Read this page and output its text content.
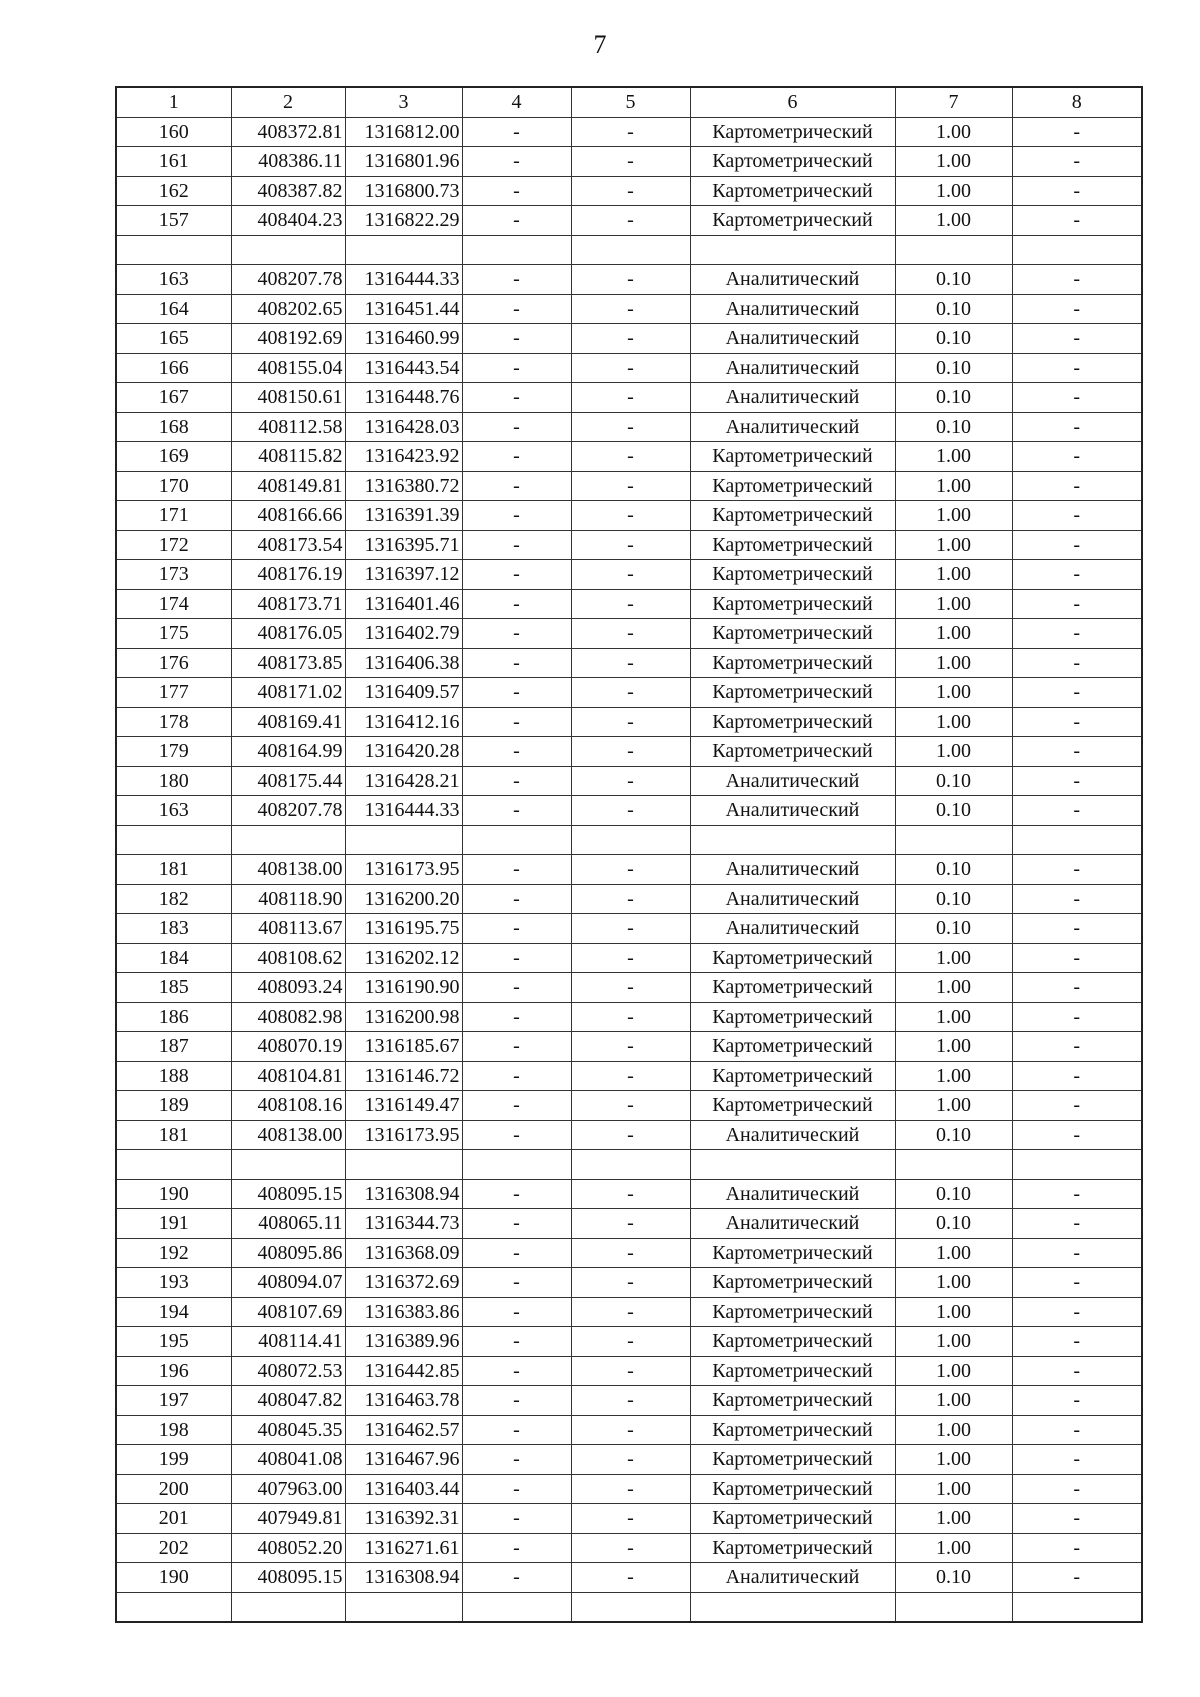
7
1	2	3	4	5	6	7	8
160	408372.81	1316812.00	-	-	Картометрический	1.00	-
161	408386.11	1316801.96	-	-	Картометрический	1.00	-
162	408387.82	1316800.73	-	-	Картометрический	1.00	-
157	408404.23	1316822.29	-	-	Картометрический	1.00	-

163	408207.78	1316444.33	-	-	Аналитический	0.10	-
164	408202.65	1316451.44	-	-	Аналитический	0.10	-
165	408192.69	1316460.99	-	-	Аналитический	0.10	-
166	408155.04	1316443.54	-	-	Аналитический	0.10	-
167	408150.61	1316448.76	-	-	Аналитический	0.10	-
168	408112.58	1316428.03	-	-	Аналитический	0.10	-
169	408115.82	1316423.92	-	-	Картометрический	1.00	-
170	408149.81	1316380.72	-	-	Картометрический	1.00	-
171	408166.66	1316391.39	-	-	Картометрический	1.00	-
172	408173.54	1316395.71	-	-	Картометрический	1.00	-
173	408176.19	1316397.12	-	-	Картометрический	1.00	-
174	408173.71	1316401.46	-	-	Картометрический	1.00	-
175	408176.05	1316402.79	-	-	Картометрический	1.00	-
176	408173.85	1316406.38	-	-	Картометрический	1.00	-
177	408171.02	1316409.57	-	-	Картометрический	1.00	-
178	408169.41	1316412.16	-	-	Картометрический	1.00	-
179	408164.99	1316420.28	-	-	Картометрический	1.00	-
180	408175.44	1316428.21	-	-	Аналитический	0.10	-
163	408207.78	1316444.33	-	-	Аналитический	0.10	-

181	408138.00	1316173.95	-	-	Аналитический	0.10	-
182	408118.90	1316200.20	-	-	Аналитический	0.10	-
183	408113.67	1316195.75	-	-	Аналитический	0.10	-
184	408108.62	1316202.12	-	-	Картометрический	1.00	-
185	408093.24	1316190.90	-	-	Картометрический	1.00	-
186	408082.98	1316200.98	-	-	Картометрический	1.00	-
187	408070.19	1316185.67	-	-	Картометрический	1.00	-
188	408104.81	1316146.72	-	-	Картометрический	1.00	-
189	408108.16	1316149.47	-	-	Картометрический	1.00	-
181	408138.00	1316173.95	-	-	Аналитический	0.10	-

190	408095.15	1316308.94	-	-	Аналитический	0.10	-
191	408065.11	1316344.73	-	-	Аналитический	0.10	-
192	408095.86	1316368.09	-	-	Картометрический	1.00	-
193	408094.07	1316372.69	-	-	Картометрический	1.00	-
194	408107.69	1316383.86	-	-	Картометрический	1.00	-
195	408114.41	1316389.96	-	-	Картометрический	1.00	-
196	408072.53	1316442.85	-	-	Картометрический	1.00	-
197	408047.82	1316463.78	-	-	Картометрический	1.00	-
198	408045.35	1316462.57	-	-	Картометрический	1.00	-
199	408041.08	1316467.96	-	-	Картометрический	1.00	-
200	407963.00	1316403.44	-	-	Картометрический	1.00	-
201	407949.81	1316392.31	-	-	Картометрический	1.00	-
202	408052.20	1316271.61	-	-	Картометрический	1.00	-
190	408095.15	1316308.94	-	-	Аналитический	0.10	-
